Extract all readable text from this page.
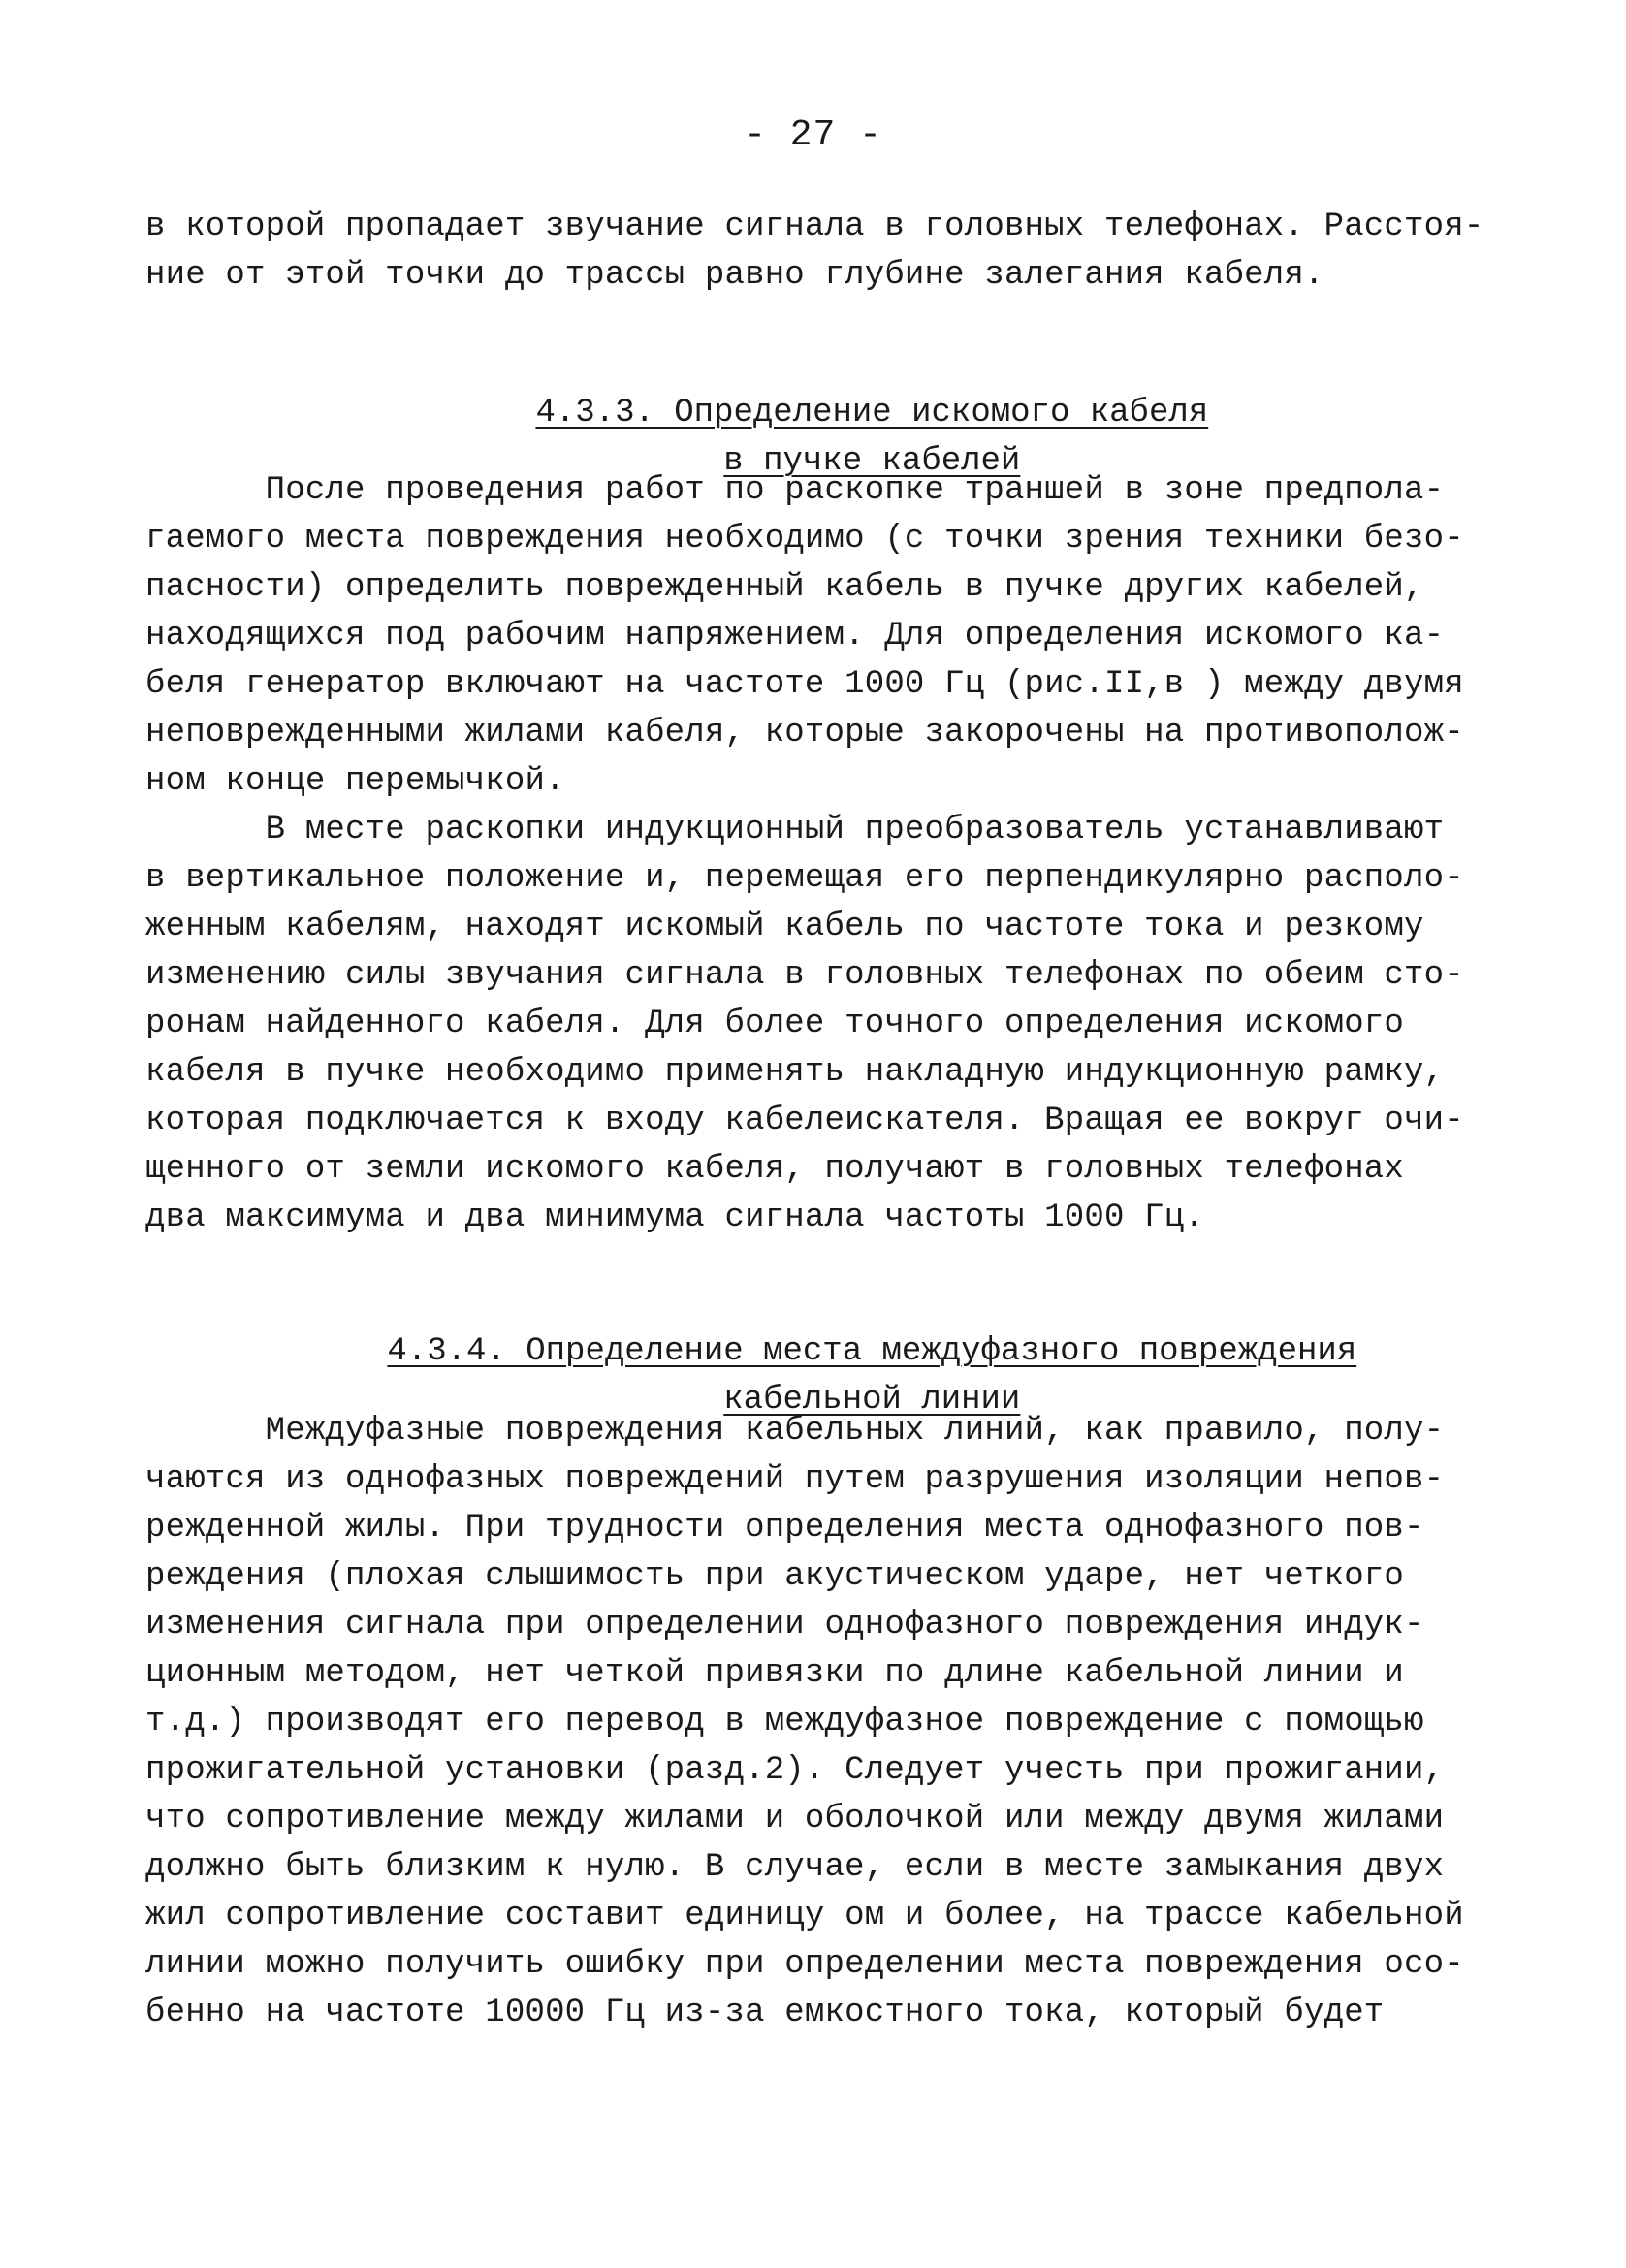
- 27 -
в которой пропадает звучание сигнала в головных телефонах. Расстоя-
ние от этой точки до трассы равно глубине залегания кабеля.

4.3.3. Определение искомого кабеля

в пучке кабелей

После проведения работ по раскопке траншей в зоне предпола-
гаемого места повреждения необходимо (с точки зрения техники безо-
пасности) определить поврежденный кабель в пучке других кабелей,
находящихся под рабочим напряжением. Для определения искомого ка-
беля генератор включают на частоте 1000 Гц (рис.II,в ) между двумя
неповрежденными жилами кабеля, которые закорочены на противополож-
ном конце перемычкой.
В месте раскопки индукционный преобразователь устанавливают
в вертикальное положение и, перемещая его перпендикулярно располо-
женным кабелям, находят искомый кабель по частоте тока и резкому
изменению силы звучания сигнала в головных телефонах по обеим сто-
ронам найденного кабеля. Для более точного определения искомого
кабеля в пучке необходимо применять накладную индукционную рамку,
которая подключается к входу кабелеискателя. Вращая ее вокруг очи-
щенного от земли искомого кабеля, получают в головных телефонах
два максимума и два минимума сигнала частоты 1000 Гц.

4.3.4. Определение места междуфазного повреждения

кабельной линии

Междуфазные повреждения кабельных линий, как правило, полу-
чаются из однофазных повреждений путем разрушения изоляции непов-
режденной жилы. При трудности определения места однофазного пов-
реждения (плохая слышимость при акустическом ударе, нет четкого
изменения сигнала при определении однофазного повреждения индук-
ционным методом, нет четкой привязки по длине кабельной линии и
т.д.) производят его перевод в междуфазное повреждение с помощью
прожигательной установки (разд.2). Следует учесть при прожигании,
что сопротивление между жилами и оболочкой или между двумя жилами
должно быть близким к нулю. В случае, если в месте замыкания двух
жил сопротивление составит единицу ом и более, на трассе кабельной
линии можно получить ошибку при определении места повреждения осо-
бенно на частоте 10000 Гц из-за емкостного тока, который будет
